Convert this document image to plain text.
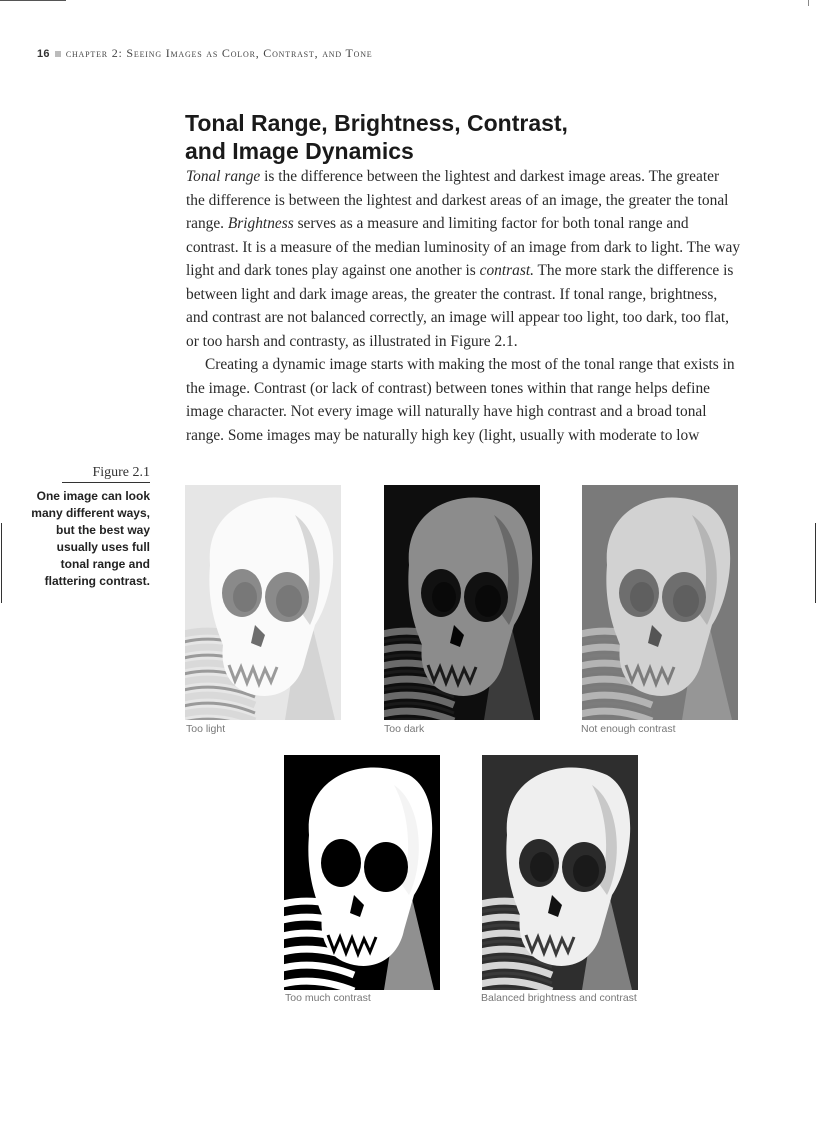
16 chapter 2: Seeing Images as Color, Contrast, and Tone
Tonal Range, Brightness, Contrast,
and Image Dynamics

Tonal range is the difference between the lightest and darkest image areas. The greater the difference is between the lightest and darkest areas of an image, the greater the tonal range. Brightness serves as a measure and limiting factor for both tonal range and contrast. It is a measure of the median luminosity of an image from dark to light. The way light and dark tones play against one another is contrast. The more stark the difference is between light and dark image areas, the greater the contrast. If tonal range, brightness, and contrast are not balanced correctly, an image will appear too light, too dark, too flat, or too harsh and contrasty, as illustrated in Figure 2.1.

Creating a dynamic image starts with making the most of the tonal range that exists in the image. Contrast (or lack of contrast) between tones within that range helps define image character. Not every image will naturally have high contrast and a broad tonal range. Some images may be naturally high key (light, usually with moderate to low

Figure 2.1
One image can look many different ways, but the best way usually uses full tonal range and flattering contrast.
Too light	Too dark	Not enough contrast
Too much contrast	Balanced brightness and contrast
